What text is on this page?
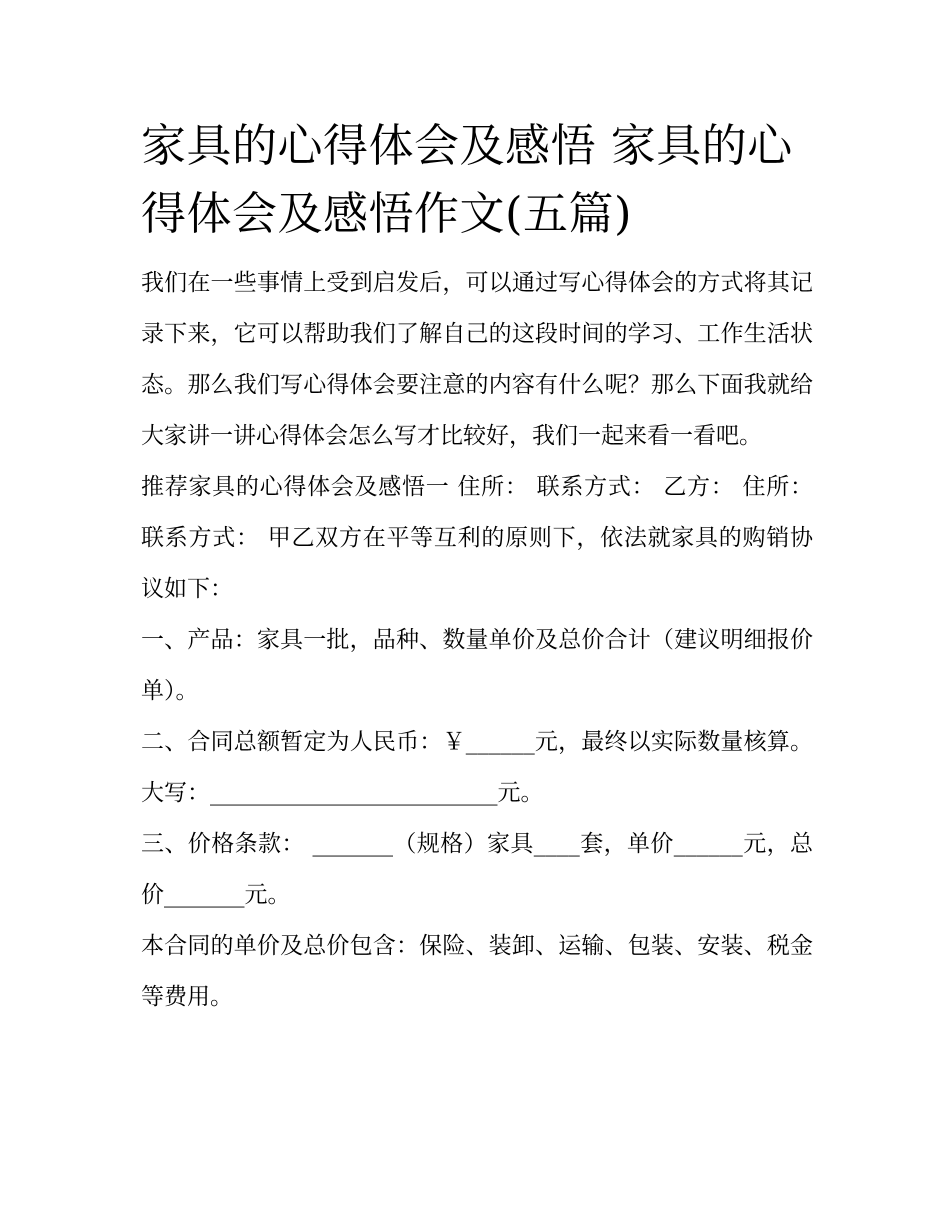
家具的心得体会及感悟 家具的心得体会及感悟作文(五篇)

我们在一些事情上受到启发后，可以通过写心得体会的方式将其记录下来，它可以帮助我们了解自己的这段时间的学习、工作生活状态。那么我们写心得体会要注意的内容有什么呢？那么下面我就给大家讲一讲心得体会怎么写才比较好，我们一起来看一看吧。

推荐家具的心得体会及感悟一 住所： 联系方式： 乙方： 住所： 联系方式： 甲乙双方在平等互利的原则下，依法就家具的购销协议如下：

一、产品：家具一批，品种、数量单价及总价合计（建议明细报价单）。

二、合同总额暂定为人民币：￥______元，最终以实际数量核算。大写：_________________________元。

三、价格条款： _______（规格）家具____套，单价______元，总价_______元。

本合同的单价及总价包含：保险、装卸、运输、包装、安装、税金等费用。
